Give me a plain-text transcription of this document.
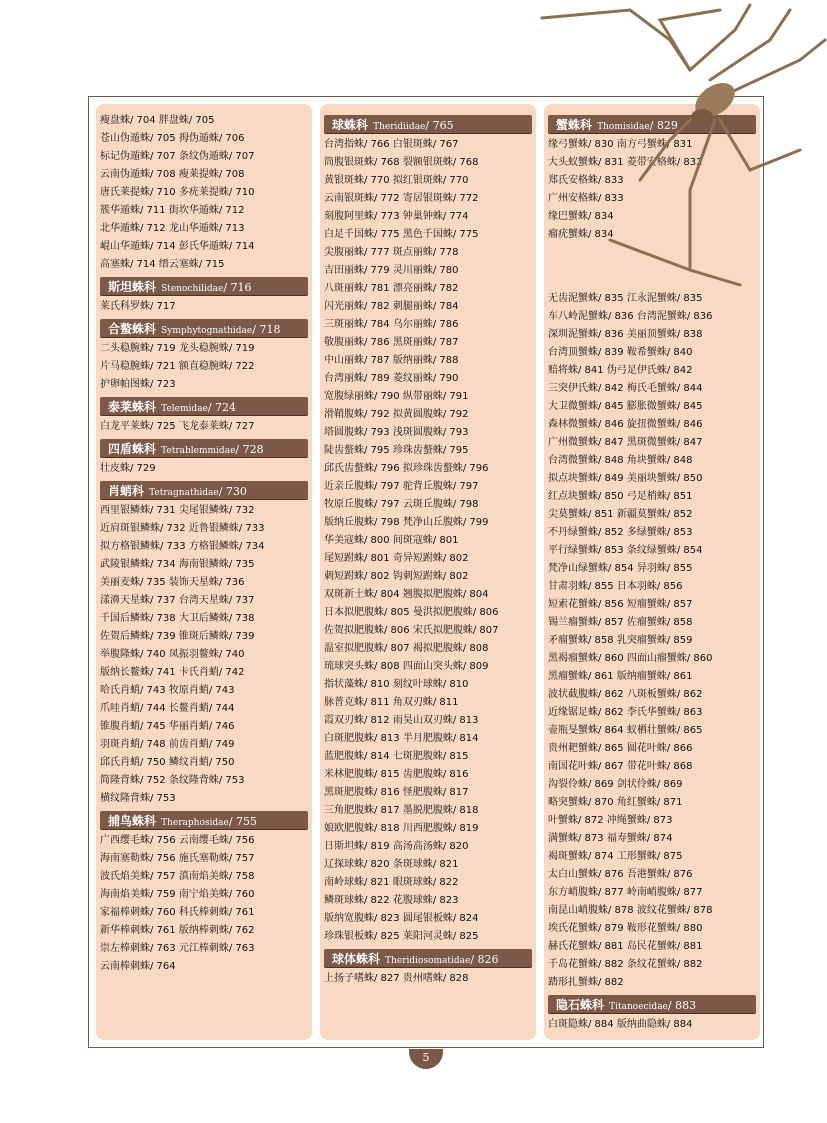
瘦盘蛛/ 704 胖盘蛛/ 705
苍山伪遁蛛/ 705 拇伪遁蛛/ 706
标记伪遁蛛/ 707 条纹伪遁蛛/ 707
云南伪遁蛛/ 708 瘦莱提蛛/ 708
唐氏莱提蛛/ 710 多疣莱提蛛/ 710
簇华遁蛛/ 711 街坎华遁蛛/ 712
北华遁蛛/ 712 龙山华遁蛛/ 713
崐山华遁蛛/ 714 彭氏华遁蛛/ 714
高塞蛛/ 714 缙云塞蛛/ 715
斯坦蛛科 Stenochilidae/ 716
莱氏科罗蛛/ 717
合螯蛛科 Symphytognathidae/ 718
二头稳腕蛛/ 719 龙头稳腕蛛/ 719
片马稳腕蛛/ 721 额直稳腕蛛/ 722
护卵帕图蛛/ 723
泰莱蛛科 Telemidae/ 724
白龙平莱蛛/ 725 飞龙泰莱蛛/ 727
四盾蛛科 Tetrablemmidae/ 728
壮皮蛛/ 729
肖蛸科 Tetragnathidae/ 730
西里银鳞蛛/ 731 尖尾银鳞蛛/ 732
近肩斑银鳞蛛/ 732 近鲁银鳞蛛/ 733
拟方格银鳞蛛/ 733 方格银鳞蛛/ 734
武陵银鳞蛛/ 734 海南银鳞蛛/ 735
美丽麦蛛/ 735 装饰天星蛛/ 736
漾濞天星蛛/ 737 台湾天星蛛/ 737
千国后鳞蛛/ 738 大卫后鳞蛛/ 738
佐贺后鳞蛛/ 739 锥斑后鳞蛛/ 739
举腹隆蛛/ 740 凤振羽鳌蛛/ 740
版纳长鳌蛛/ 741 卡氏肖蛸/ 742
哈氏肖蛸/ 743 牧原肖蛸/ 743
爪哇肖蛸/ 744 长鳌肖蛸/ 744
锥腹肖蛸/ 745 华丽肖蛸/ 746
羽斑肖蛸/ 748 前齿肖蛸/ 749
邱氏肖蛸/ 750 鳞纹肖蛸/ 750
简隆背蛛/ 752 条纹隆背蛛/ 753
横纹隆背蛛/ 753
捕鸟蛛科 Theraphosidae/ 755
广西缨毛蛛/ 756 云南缨毛蛛/ 756
海南塞勒蛛/ 756 施氏塞勒蛛/ 757
波氏焰美蛛/ 757 滇南焰美蛛/ 758
海南焰美蛛/ 759 南宁焰美蛛/ 760
家福棒刺蛛/ 760 科氏棒刺蛛/ 761
新华棒刺蛛/ 761 版纳棒刺蛛/ 762
崇左棒刺蛛/ 763 元江棒刺蛛/ 763
云南棒刺蛛/ 764
球蛛科 Theridiidae/ 765
台湾指蛛/ 766 白银斑蛛/ 767
筒腹银斑蛛/ 768 裂额银斑蛛/ 768
黄银斑蛛/ 770 拟红银斑蛛/ 770
云南银斑蛛/ 772 寄居银斑蛛/ 772
刻腹阿里蛛/ 773 钟巢钟蛛/ 774
白足千国蛛/ 775 黑色千国蛛/ 775
尖腹丽蛛/ 777 斑点丽蛛/ 778
吉田丽蛛/ 779 灵川丽蛛/ 780
八斑丽蛛/ 781 漂亮丽蛛/ 782
闪光丽蛛/ 782 刺腿丽蛛/ 784
三斑丽蛛/ 784 乌尔丽蛛/ 786
敬腹丽蛛/ 786 黑斑丽蛛/ 787
中山丽蛛/ 787 版纳丽蛛/ 788
台湾丽蛛/ 789 菱纹丽蛛/ 790
宽腹绿丽蛛/ 790 纵带丽蛛/ 791
滑鞘腹蛛/ 792 拟黄圆腹蛛/ 792
塔圆腹蛛/ 793 浅斑圆腹蛛/ 793
陡齿螯蛛/ 795 珍珠齿螯蛛/ 795
邱氏齿螯蛛/ 796 拟珍珠齿螯蛛/ 796
近亲丘腹蛛/ 797 驼背丘腹蛛/ 797
牧原丘腹蛛/ 797 云斑丘腹蛛/ 798
版纳丘腹蛛/ 798 梵净山丘腹蛛/ 799
华美寇蛛/ 800 间斑寇蛛/ 801
尾短跗蛛/ 801 奇异短跗蛛/ 802
刺短跗蛛/ 802 钩刺短跗蛛/ 802
双斑新土蛛/ 804 翘腹拟肥腹蛛/ 804
日本拟肥腹蛛/ 805 曼洪拟肥腹蛛/ 806
佐贺拟肥腹蛛/ 806 宋氏拟肥腹蛛/ 807
温室拟肥腹蛛/ 807 褐拟肥腹蛛/ 808
琉球突头蛛/ 808 四面山突头蛛/ 809
指状藻蛛/ 810 刻纹叶球蛛/ 810
脉普克蛛/ 811 角双刃蛛/ 811
霞双刃蛛/ 812 雨昊山双刃蛛/ 813
白斑肥腹蛛/ 813 半月肥腹蛛/ 814
蓝肥腹蛛/ 814 七斑肥腹蛛/ 815
米林肥腹蛛/ 815 齿肥腹蛛/ 816
黑斑肥腹蛛/ 816 怪肥腹蛛/ 817
三角肥腹蛛/ 817 墨脱肥腹蛛/ 818
娘欧肥腹蛛/ 818 川西肥腹蛛/ 819
日斯坦蛛/ 819 高汤高汤蛛/ 820
辽探球蛛/ 820 条斑球蛛/ 821
南岭球蛛/ 821 眼斑球蛛/ 822
鳞斑球蛛/ 822 花腹球蛛/ 823
版纳宽腹蛛/ 823 圆尾银板蛛/ 824
珍珠银板蛛/ 825 莱阳河灵蛛/ 825
球体蛛科 Theridiosomatidae/ 826
上扬子嗜蛛/ 827 贵州嗜蛛/ 828
蟹蛛科 Thomisidae/ 829
缘弓蟹蛛/ 830 南方弓蟹蛛/ 831
大头蚁蟹蛛/ 831 菱带安格蛛/ 832
郑氏安格蛛/ 833
广州安格蛛/ 833
缘巴蟹蛛/ 834
瘤疣蟹蛛/ 834
无齿泥蟹蛛/ 835 江永泥蟹蛛/ 835
车八岭泥蟹蛛/ 836 台湾泥蟹蛛/ 836
深圳泥蟹蛛/ 836 美丽顶蟹蛛/ 838
台湾顶蟹蛛/ 839 鞍希蟹蛛/ 840
赔将蛛/ 841 伪弓足伊氏蛛/ 842
三突伊氏蛛/ 842 梅氏毛蟹蛛/ 844
大卫微蟹蛛/ 845 膨胀微蟹蛛/ 845
森林微蟹蛛/ 846 旋扭微蟹蛛/ 846
广州微蟹蛛/ 847 黑斑微蟹蛛/ 847
台湾微蟹蛛/ 848 角块蟹蛛/ 848
拟点块蟹蛛/ 849 美丽块蟹蛛/ 850
红点块蟹蛛/ 850 弓足梢蛛/ 851
尖莫蟹蛛/ 851 新疆莫蟹蛛/ 852
不丹绿蟹蛛/ 852 多绿蟹蛛/ 853
平行绿蟹蛛/ 853 条纹绿蟹蛛/ 854
梵净山绿蟹蛛/ 854 异羽蛛/ 855
甘肃羽蛛/ 855 日本羽蛛/ 856
短索花蟹蛛/ 856 短瘤蟹蛛/ 857
锡兰瘤蟹蛛/ 857 佐瘤蟹蛛/ 858
矛瘤蟹蛛/ 858 乳突瘤蟹蛛/ 859
黑褐瘤蟹蛛/ 860 四面山瘤蟹蛛/ 860
黑瘤蟹蛛/ 861 版纳瘤蟹蛛/ 861
波状截腹蛛/ 862 八斑板蟹蛛/ 862
近缘锯足蛛/ 862 李氏华蟹蛛/ 863
壶瓶旻蟹蛛/ 864 蚁栖壮蟹蛛/ 865
贵州耙蟹蛛/ 865 圆花叶蛛/ 866
南国花叶蛛/ 867 带花叶蛛/ 868
沟裂伶蛛/ 869 剑状伶蛛/ 869
略突蟹蛛/ 870 角红蟹蛛/ 871
叶蟹蛛/ 872 冲绳蟹蛛/ 873
满蟹蛛/ 873 福寿蟹蛛/ 874
褐斑蟹蛛/ 874 工形蟹蛛/ 875
太白山蟹蛛/ 876 吾港蟹蛛/ 876
东方峭腹蛛/ 877 岭南峭腹蛛/ 877
南昆山峭腹蛛/ 878 波纹花蟹蛛/ 878
埃氏花蟹蛛/ 879 鞍形花蟹蛛/ 880
赫氏花蟹蛛/ 881 岛民花蟹蛛/ 881
千岛花蟹蛛/ 882 条纹花蟹蛛/ 882
踏形扎蟹蛛/ 882
隐石蛛科 Titanoecidae/ 883
白斑隐蛛/ 884 版纳曲隐蛛/ 884
5
